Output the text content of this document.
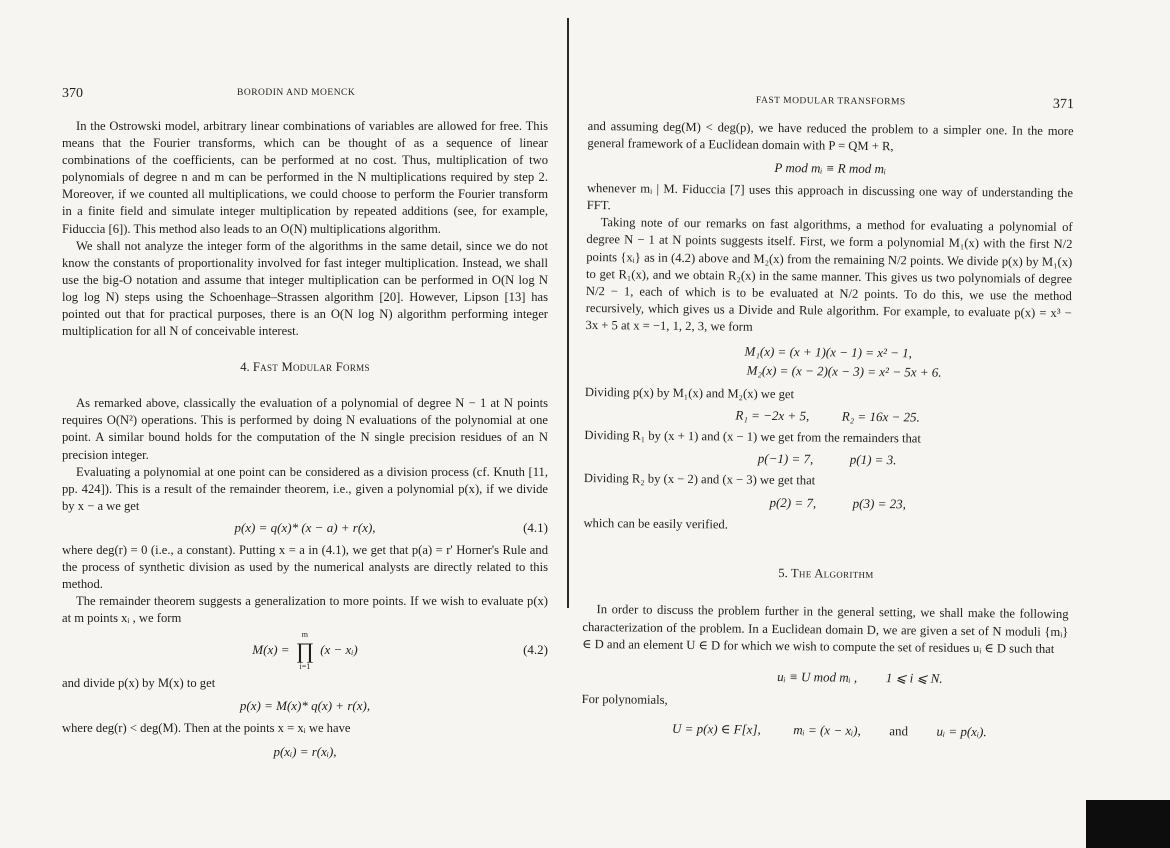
370	BORODIN AND MOENCK

In the Ostrowski model, arbitrary linear combinations of variables are allowed for free. This means that the Fourier transforms, which can be thought of as a sequence of linear combinations of the coefficients, can be performed at no cost. Thus, multiplication of two polynomials of degree n and m can be performed in the N multiplications required by step 2. Moreover, if we counted all multiplications, we could choose to perform the Fourier transform in a finite field and simulate integer multiplication by repeated additions (see, for example, Fiduccia [6]). This method also leads to an O(N) multiplications algorithm.

We shall not analyze the integer form of the algorithms in the same detail, since we do not know the constants of proportionality involved for fast integer multiplication. Instead, we shall use the big-O notation and assume that integer multiplication can be performed in O(N log N log log N) steps using the Schoenhage–Strassen algorithm [20]. However, Lipson [13] has pointed out that for practical purposes, there is an O(N log N) algorithm performing integer multiplication for all N of conceivable interest.

4. Fast Modular Forms

As remarked above, classically the evaluation of a polynomial of degree N − 1 at N points requires O(N²) operations. This is performed by doing N evaluations of the polynomial at one point. A similar bound holds for the computation of the N single precision residues of an N precision integer.

Evaluating a polynomial at one point can be considered as a division process (cf. Knuth [11, pp. 424]). This is a result of the remainder theorem, i.e., given a polynomial p(x), if we divide by x − a we get

p(x) = q(x)* (x − a) + r(x),	(4.1)

where deg(r) = 0 (i.e., a constant). Putting x = a in (4.1), we get that p(a) = r' Horner's Rule and the process of synthetic division as used by the numerical analysts are directly related to this method.

The remainder theorem suggests a generalization to more points. If we wish to evaluate p(x) at m points xᵢ , we form

M(x) =
m
∏
i=1
(x − xᵢ)	(4.2)

and divide p(x) by M(x) to get

p(x) = M(x)* q(x) + r(x),

where deg(r) < deg(M). Then at the points x = xᵢ we have

p(xᵢ) = r(xᵢ),
FAST MODULAR TRANSFORMS	371

and assuming deg(M) < deg(p), we have reduced the problem to a simpler one. In the more general framework of a Euclidean domain with P = QM + R,

P mod mᵢ ≡ R mod mᵢ

whenever mᵢ | M. Fiduccia [7] uses this approach in discussing one way of understanding the FFT.

Taking note of our remarks on fast algorithms, a method for evaluating a polynomial of degree N − 1 at N points suggests itself. First, we form a polynomial M₁(x) with the first N/2 points {xᵢ} as in (4.2) above and M₂(x) from the remaining N/2 points. We divide p(x) by M₁(x) to get R₁(x), and we obtain R₂(x) in the same manner. This gives us two polynomials of degree N/2 − 1, each of which is to be evaluated at N/2 points. To do this, we use the method recursively, which gives us a Divide and Rule algorithm. For example, to evaluate p(x) = x³ − 3x + 5 at x = −1, 1, 2, 3, we form

M₁(x) = (x + 1)(x − 1) = x² − 1,
M₂(x) = (x − 2)(x − 3) = x² − 5x + 6.

Dividing p(x) by M₁(x) and M₂(x) we get

R₁ = −2x + 5, R₂ = 16x − 25.

Dividing R₁ by (x + 1) and (x − 1) we get from the remainders that

p(−1) = 7,	p(1) = 3.

Dividing R₂ by (x − 2) and (x − 3) we get that

p(2) = 7,	p(3) = 23,

which can be easily verified.

5. The Algorithm

In order to discuss the problem further in the general setting, we shall make the following characterization of the problem. In a Euclidean domain D, we are given a set of N moduli {mᵢ} ∈ D and an element U ∈ D for which we wish to compute the set of residues uᵢ ∈ D such that

uᵢ ≡ U mod mᵢ , 1 ⩽ i ⩽ N.

For polynomials,

U = p(x) ∈ F[x], mᵢ = (x − xᵢ), and uᵢ = p(xᵢ).
